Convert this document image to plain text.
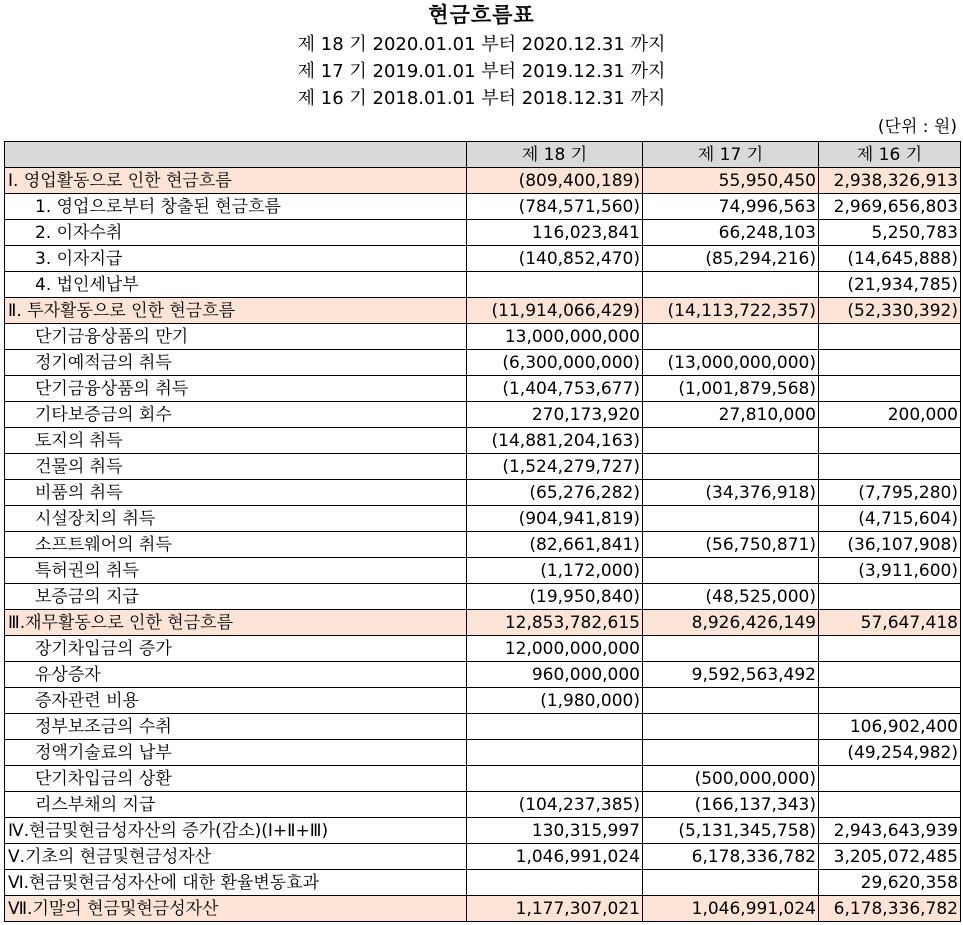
현금흐름표
제 18 기 2020.01.01 부터 2020.12.31 까지
제 17 기 2019.01.01 부터 2019.12.31 까지
제 16 기 2018.01.01 부터 2018.12.31 까지
(단위 : 원)
	제 18 기	제 17 기	제 16 기
Ⅰ. 영업활동으로 인한 현금흐름	(809,400,189)	55,950,450	2,938,326,913
1. 영업으로부터 창출된 현금흐름	(784,571,560)	74,996,563	2,969,656,803
2. 이자수취	116,023,841	66,248,103	5,250,783
3. 이자지급	(140,852,470)	(85,294,216)	(14,645,888)
4. 법인세납부			(21,934,785)
Ⅱ. 투자활동으로 인한 현금흐름	(11,914,066,429)	(14,113,722,357)	(52,330,392)
단기금융상품의 만기	13,000,000,000		
정기예적금의 취득	(6,300,000,000)	(13,000,000,000)	
단기금융상품의 취득	(1,404,753,677)	(1,001,879,568)	
기타보증금의 회수	270,173,920	27,810,000	200,000
토지의 취득	(14,881,204,163)		
건물의 취득	(1,524,279,727)		
비품의 취득	(65,276,282)	(34,376,918)	(7,795,280)
시설장치의 취득	(904,941,819)		(4,715,604)
소프트웨어의 취득	(82,661,841)	(56,750,871)	(36,107,908)
특허권의 취득	(1,172,000)		(3,911,600)
보증금의 지급	(19,950,840)	(48,525,000)	
Ⅲ.재무활동으로 인한 현금흐름	12,853,782,615	8,926,426,149	57,647,418
장기차입금의 증가	12,000,000,000		
유상증자	960,000,000	9,592,563,492	
증자관련 비용	(1,980,000)		
정부보조금의 수취			106,902,400
정액기술료의 납부			(49,254,982)
단기차입금의 상환		(500,000,000)	
리스부채의 지급	(104,237,385)	(166,137,343)	
Ⅳ.현금및현금성자산의 증가(감소)(Ⅰ+Ⅱ+Ⅲ)	130,315,997	(5,131,345,758)	2,943,643,939
Ⅴ.기초의 현금및현금성자산	1,046,991,024	6,178,336,782	3,205,072,485
Ⅵ.현금및현금성자산에 대한 환율변동효과			29,620,358
Ⅶ.기말의 현금및현금성자산	1,177,307,021	1,046,991,024	6,178,336,782
